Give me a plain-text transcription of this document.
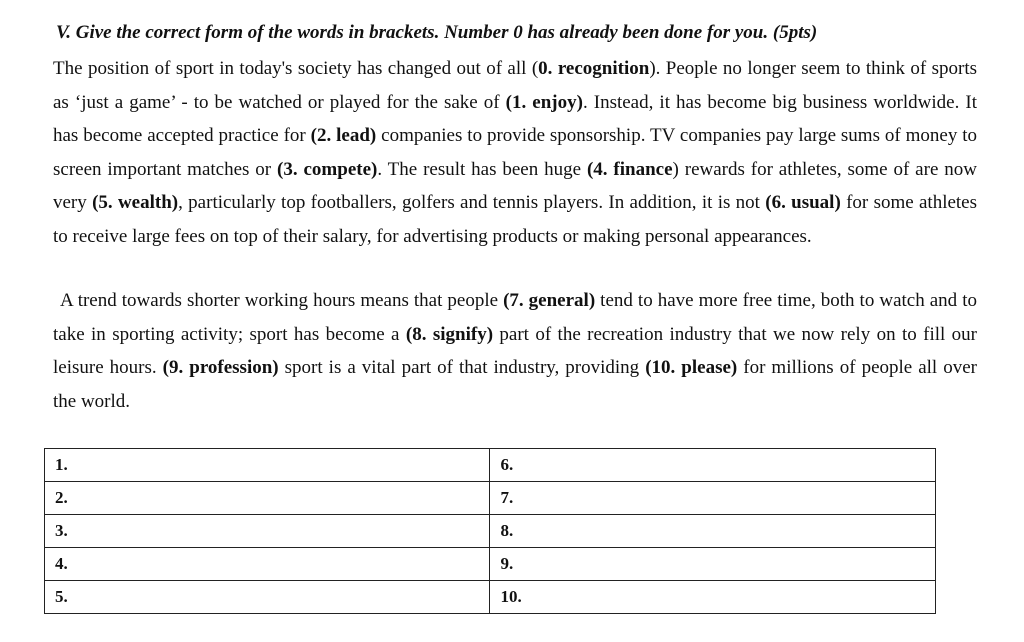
V. Give the correct form of the words in brackets. Number 0 has already been done for you. (5pts)
The position of sport in today's society has changed out of all (0. recognition). People no longer seem to think of sports as ‘just a game’ - to be watched or played for the sake of (1. enjoy). Instead, it has become big business worldwide. It has become accepted practice for (2. lead) companies to provide sponsorship. TV companies pay large sums of money to screen important matches or (3. compete). The result has been huge (4. finance) rewards for athletes, some of are now very (5. wealth), particularly top footballers, golfers and tennis players. In addition, it is not (6. usual) for some athletes to receive large fees on top of their salary, for advertising products or making personal appearances.
A trend towards shorter working hours means that people (7. general) tend to have more free time, both to watch and to take in sporting activity; sport has become a (8. signify) part of the recreation industry that we now rely on to fill our leisure hours. (9. profession) sport is a vital part of that industry, providing (10. please) for millions of people all over the world.
1.	6.
2.	7.
3.	8.
4.	9.
5.	10.
